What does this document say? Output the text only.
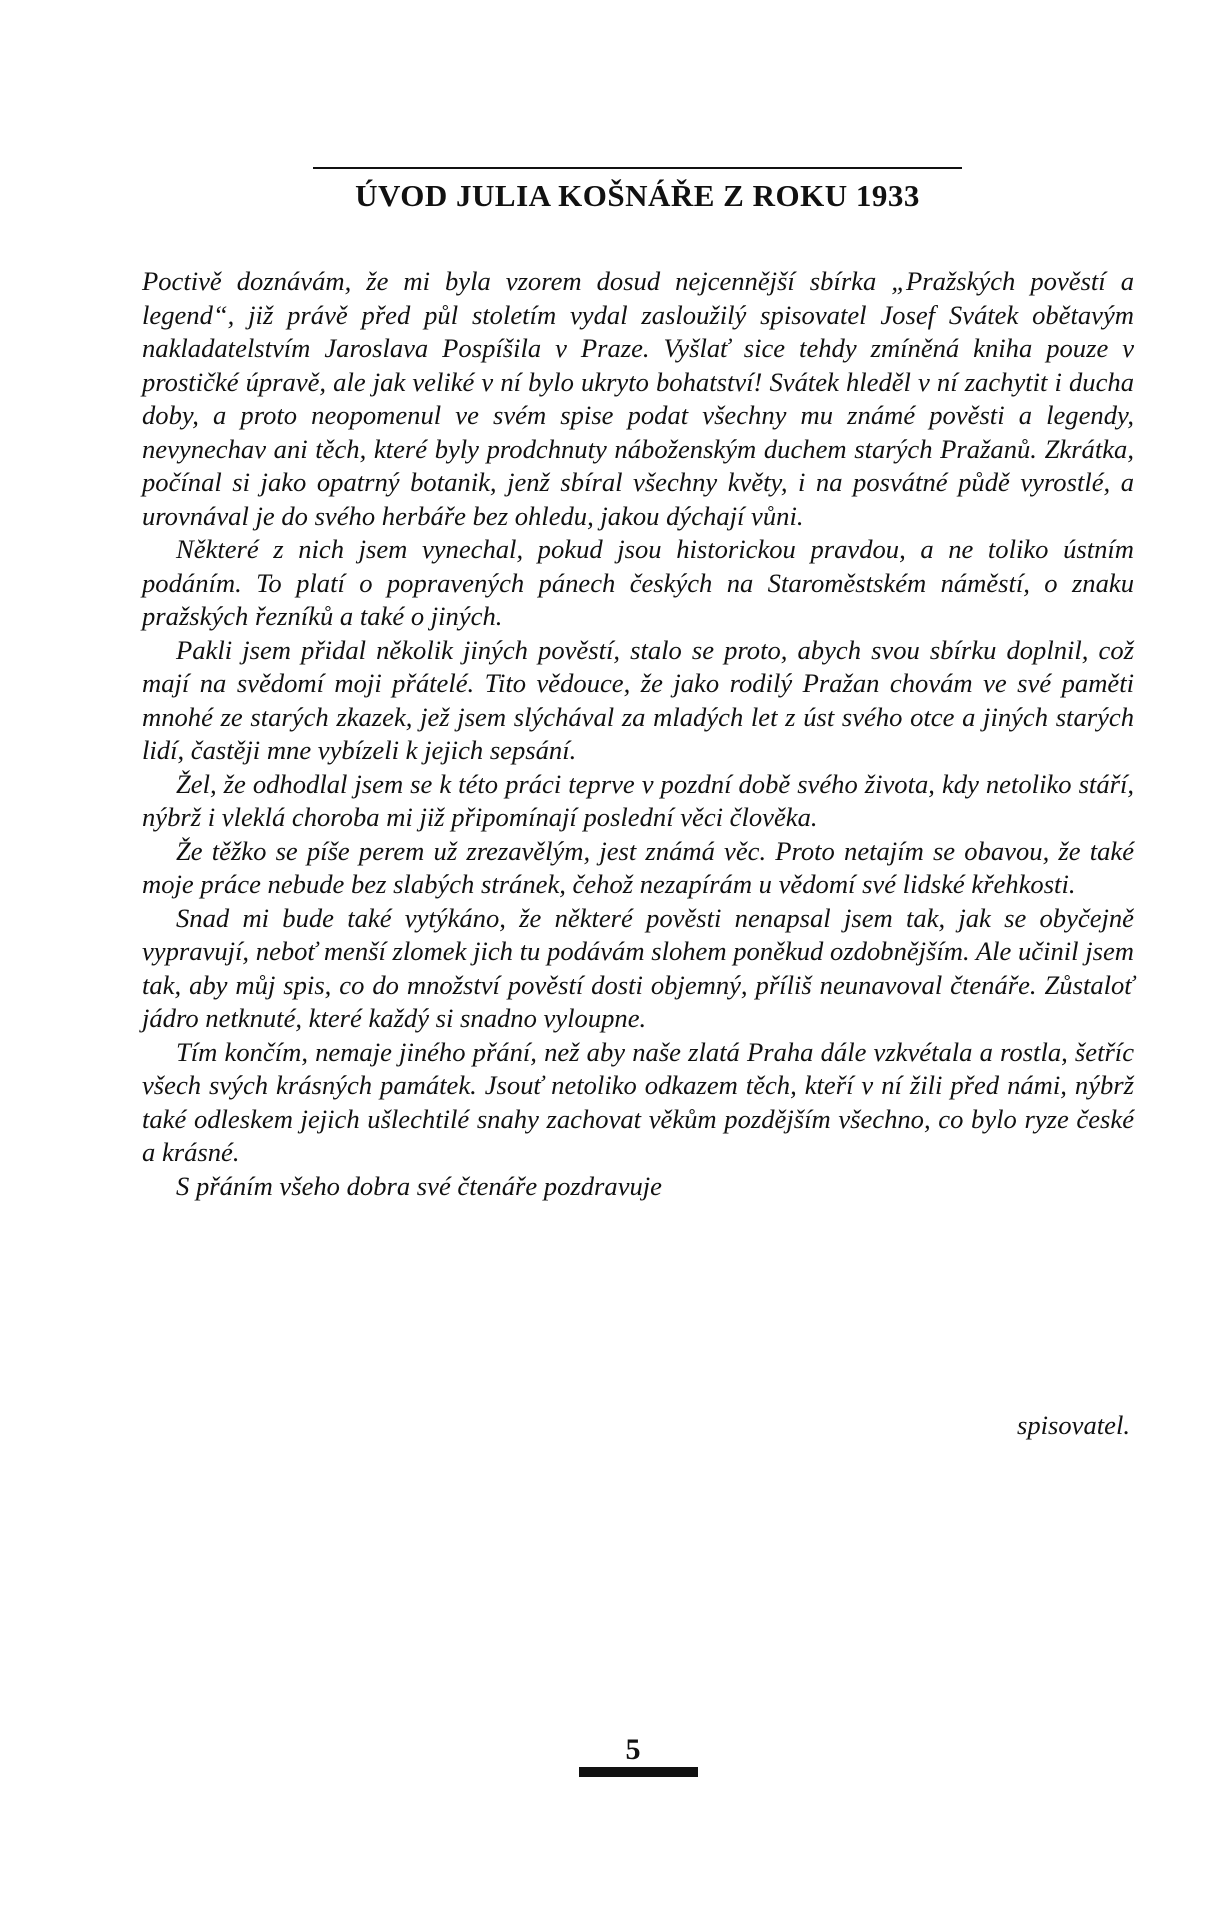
ÚVOD JULIA KOŠNÁŘE Z ROKU 1933

Poctivě doznávám, že mi byla vzorem dosud nejcennější sbírka „Pražských pověstí a legend“, již právě před půl stoletím vydal zasloužilý spisovatel Josef Svátek obětavým nakladatelstvím Jaroslava Pospíšila v Praze. Vyšlať sice tehdy zmíněná kniha pouze v prostičké úpravě, ale jak veliké v ní bylo ukryto bohatství! Svátek hleděl v ní zachytit i ducha doby, a proto neopomenul ve svém spise podat všechny mu známé pověsti a legendy, nevynechav ani těch, které byly prodchnuty náboženským duchem starých Pražanů. Zkrátka, počínal si jako opatrný botanik, jenž sbíral všechny květy, i na posvátné půdě vyrostlé, a urovnával je do svého herbáře bez ohledu, jakou dýchají vůni.

Některé z nich jsem vynechal, pokud jsou historickou pravdou, a ne toliko ústním podáním. To platí o popravených pánech českých na Staroměstském náměstí, o znaku pražských řezníků a také o jiných.

Pakli jsem přidal několik jiných pověstí, stalo se proto, abych svou sbírku doplnil, což mají na svědomí moji přátelé. Tito vědouce, že jako rodilý Pražan chovám ve své paměti mnohé ze starých zkazek, jež jsem slýchával za mladých let z úst svého otce a jiných starých lidí, častěji mne vybízeli k jejich sepsání.

Žel, že odhodlal jsem se k této práci teprve v pozdní době svého života, kdy netoliko stáří, nýbrž i vleklá choroba mi již připomínají poslední věci člověka.

Že těžko se píše perem už zrezavělým, jest známá věc. Proto netajím se obavou, že také moje práce nebude bez slabých stránek, čehož nezapírám u vědomí své lidské křehkosti.

Snad mi bude také vytýkáno, že některé pověsti nenapsal jsem tak, jak se obyčejně vypravují, neboť menší zlomek jich tu podávám slohem poněkud ozdobnějším. Ale učinil jsem tak, aby můj spis, co do množství pověstí dosti objemný, příliš neunavoval čtenáře. Zůstaloť jádro netknuté, které každý si snadno vyloupne.

Tím končím, nemaje jiného přání, než aby naše zlatá Praha dále vzkvétala a rostla, šetříc všech svých krásných památek. Jsouť netoliko odkazem těch, kteří v ní žili před námi, nýbrž také odleskem jejich ušlechtilé snahy zachovat věkům pozdějším všechno, co bylo ryze české a krásné.

S přáním všeho dobra své čtenáře pozdravuje

spisovatel.

5
